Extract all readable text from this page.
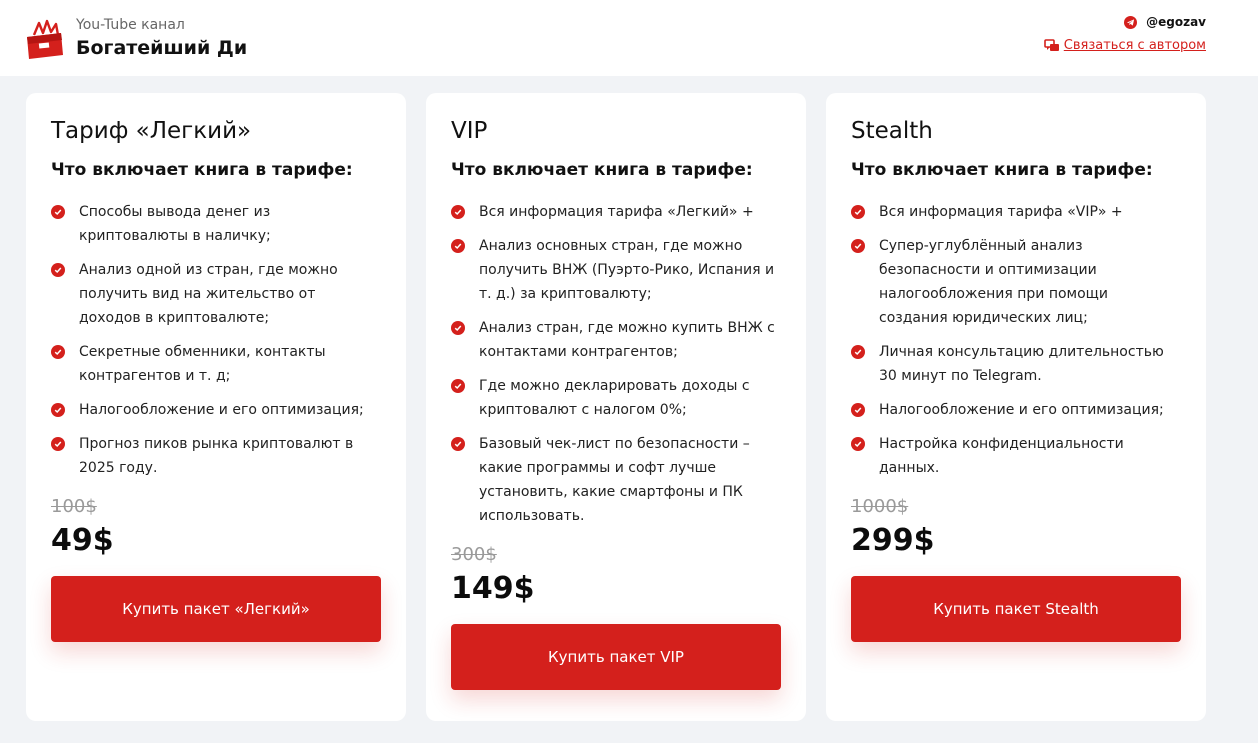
You-Tube канал
Богатейший Ди
@egozav
Связаться с автором
Тариф «Легкий»
Что включает книга в тарифе:
Способы вывода денег из криптовалюты в наличку;
Анализ одной из стран, где можно получить вид на жительство от доходов в криптовалюте;
Секретные обменники, контакты контрагентов и т. д;
Налогообложение и его оптимизация;
Прогноз пиков рынка криптовалют в 2025 году.
100$
49$
Купить пакет «Легкий»
VIP
Что включает книга в тарифе:
Вся информация тарифа «Легкий» +
Анализ основных стран, где можно получить ВНЖ (Пуэрто-Рико, Испания и т. д.) за криптовалюту;
Анализ стран, где можно купить ВНЖ с контактами контрагентов;
Где можно декларировать доходы с криптовалют с налогом 0%;
Базовый чек-лист по безопасности – какие программы и софт лучше установить, какие смартфоны и ПК использовать.
300$
149$
Купить пакет VIP
Stealth
Что включает книга в тарифе:
Вся информация тарифа «VIP» +
Супер-углублённый анализ безопасности и оптимизации налогообложения при помощи создания юридических лиц;
Личная консультацию длительностью 30 минут по Telegram.
Налогообложение и его оптимизация;
Настройка конфиденциальности данных.
1000$
299$
Купить пакет Stealth
